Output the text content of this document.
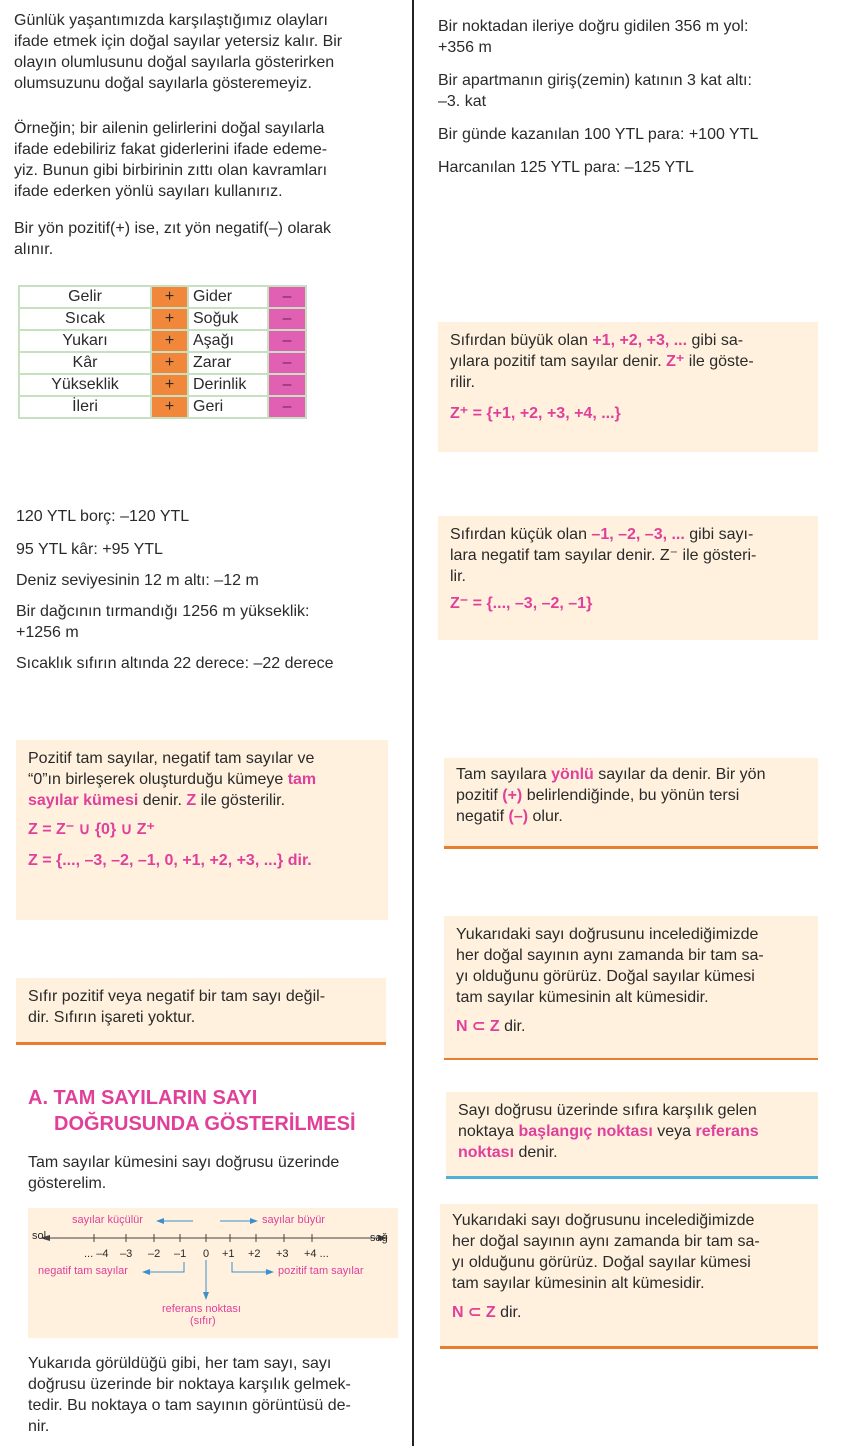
Günlük yaşantımızda karşılaştığımız olayları

ifade etmek için doğal sayılar yetersiz kalır. Bir

olayın olumlusunu doğal sayılarla gösterirken

olumsuzunu doğal sayılarla gösteremeyiz.

Örneğin; bir ailenin gelirlerini doğal sayılarla

ifade edebiliriz fakat giderlerini ifade edeme-

yiz. Bunun gibi birbirinin zıttı olan kavramları

ifade ederken yönlü sayıları kullanırız.

Bir yön pozitif(+) ise, zıt yön negatif(–) olarak

alınır.

Gelir	+	Gider	–
Sıcak	+	Soğuk	–
Yukarı	+	Aşağı	–
Kâr	+	Zarar	–
Yükseklik	+	Derinlik	–
İleri	+	Geri	–

120 YTL borç: –120 YTL

95 YTL kâr: +95 YTL

Deniz seviyesinin 12 m altı: –12 m

Bir dağcının tırmandığı 1256 m yükseklik:

+1256 m

Sıcaklık sıfırın altında 22 derece: –22 derece

Pozitif tam sayılar, negatif tam sayılar ve

“0”ın birleşerek oluşturduğu kümeye tam

sayılar kümesi denir. Z ile gösterilir.

Z = Z⁻ ∪ {0} ∪ Z⁺

Z = {..., –3, –2, –1, 0, +1, +2, +3, ...} dir.

Sıfır pozitif veya negatif bir tam sayı değil-

dir. Sıfırın işareti yoktur.

A. TAM SAYILARIN SAYI

DOĞRUSUNDA GÖSTERİLMESİ

Tam sayılar kümesini sayı doğrusu üzerinde

gösterelim.

sayılar küçülür	sayılar büyür
sol	sağ
... –4 –3 –2 –1 0 +1 +2 +3 +4 ...
negatif tam sayılar	pozitif tam sayılar
referans noktası
(sıfır)

Yukarıda görüldüğü gibi, her tam sayı, sayı

doğrusu üzerinde bir noktaya karşılık gelmek-

tedir. Bu noktaya o tam sayının görüntüsü de-

nir.

Bir noktadan ileriye doğru gidilen 356 m yol:

+356 m

Bir apartmanın giriş(zemin) katının 3 kat altı:

–3. kat

Bir günde kazanılan 100 YTL para: +100 YTL

Harcanılan 125 YTL para: –125 YTL

Sıfırdan büyük olan +1, +2, +3, ... gibi sa-

yılara pozitif tam sayılar denir. Z⁺ ile göste-

rilir.

Z⁺ = {+1, +2, +3, +4, ...}

Sıfırdan küçük olan –1, –2, –3, ... gibi sayı-

lara negatif tam sayılar denir. Z⁻ ile gösteri-

lir.

Z⁻ = {..., –3, –2, –1}

Tam sayılara yönlü sayılar da denir. Bir yön

pozitif (+) belirlendiğinde, bu yönün tersi

negatif (–) olur.

Yukarıdaki sayı doğrusunu incelediğimizde

her doğal sayının aynı zamanda bir tam sa-

yı olduğunu görürüz. Doğal sayılar kümesi

tam sayılar kümesinin alt kümesidir.

N ⊂ Z dir.

Sayı doğrusu üzerinde sıfıra karşılık gelen

noktaya başlangıç noktası veya referans

noktası denir.

Yukarıdaki sayı doğrusunu incelediğimizde

her doğal sayının aynı zamanda bir tam sa-

yı olduğunu görürüz. Doğal sayılar kümesi

tam sayılar kümesinin alt kümesidir.

N ⊂ Z dir.
